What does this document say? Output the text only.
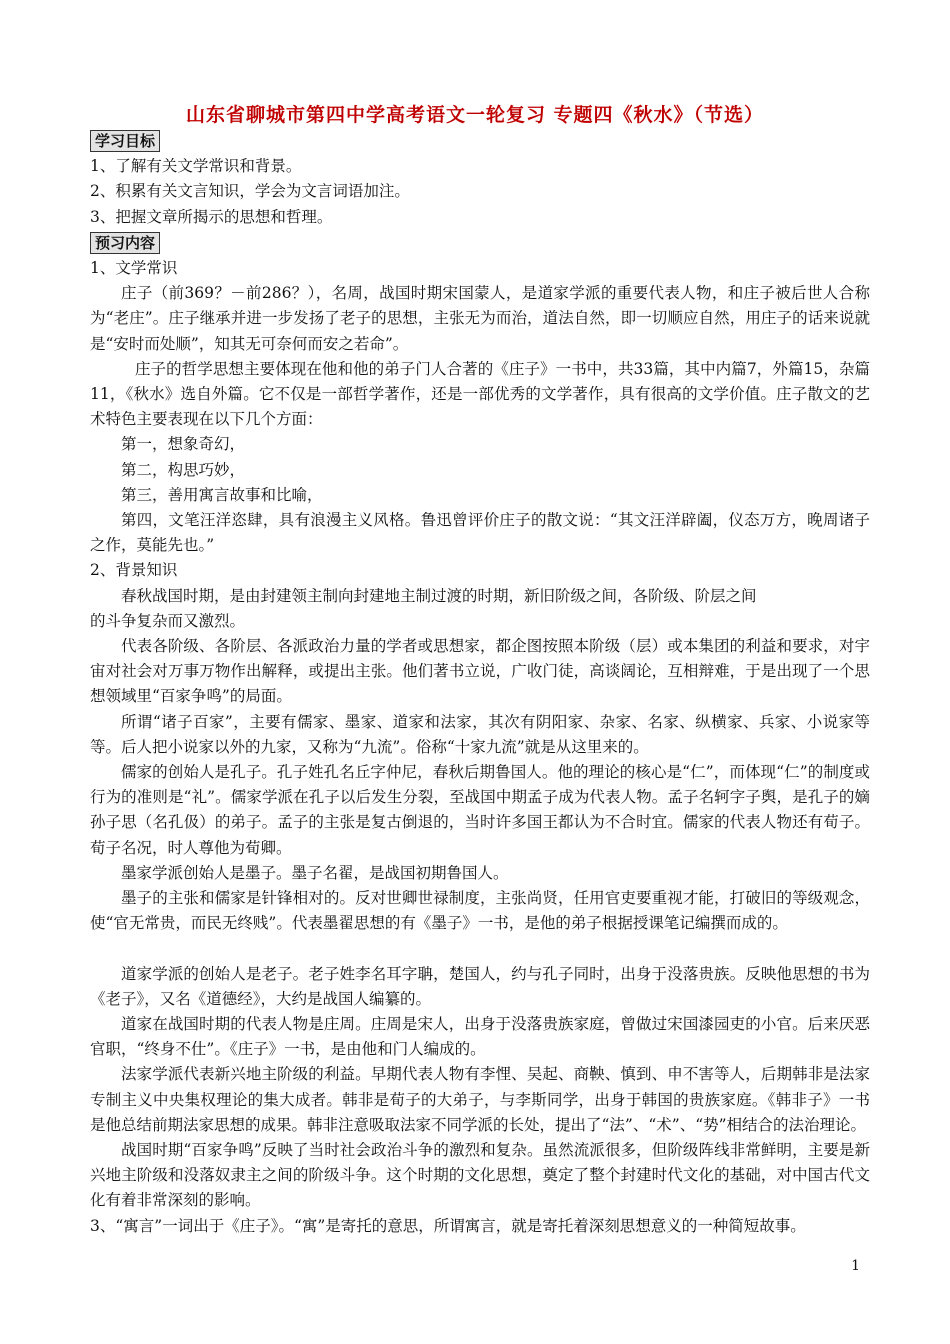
山东省聊城市第四中学高考语文一轮复习 专题四《秋水》（节选）
学习目标

1、了解有关文学常识和背景。

2、积累有关文言知识，学会为文言词语加注。

3、把握文章所揭示的思想和哲理。

预习内容

1、文学常识

庄子（前369？－前286？），名周，战国时期宋国蒙人，是道家学派的重要代表人物，和庄子被后世人合称为“老庄”。庄子继承并进一步发扬了老子的思想，主张无为而治，道法自然，即一切顺应自然，用庄子的话来说就是“安时而处顺”，知其无可奈何而安之若命”。

庄子的哲学思想主要体现在他和他的弟子门人合著的《庄子》一书中，共33篇，其中内篇7，外篇15，杂篇11，《秋水》选自外篇。它不仅是一部哲学著作，还是一部优秀的文学著作，具有很高的文学价值。庄子散文的艺术特色主要表现在以下几个方面：

第一，想象奇幻，

第二，构思巧妙，

第三，善用寓言故事和比喻，

第四，文笔汪洋恣肆，具有浪漫主义风格。鲁迅曾评价庄子的散文说：“其文汪洋辟阖，仪态万方，晚周诸子之作，莫能先也。”

2、背景知识

春秋战国时期，是由封建领主制向封建地主制过渡的时期，新旧阶级之间，各阶级、阶层之间

的斗争复杂而又激烈。

代表各阶级、各阶层、各派政治力量的学者或思想家，都企图按照本阶级（层）或本集团的利益和要求，对宇宙对社会对万事万物作出解释，或提出主张。他们著书立说，广收门徒，高谈阔论，互相辩难，于是出现了一个思想领域里“百家争鸣”的局面。

所谓“诸子百家”，主要有儒家、墨家、道家和法家，其次有阴阳家、杂家、名家、纵横家、兵家、小说家等等。后人把小说家以外的九家，又称为“九流”。俗称“十家九流”就是从这里来的。

儒家的创始人是孔子。孔子姓孔名丘字仲尼，春秋后期鲁国人。他的理论的核心是“仁”，而体现“仁”的制度或行为的准则是“礼”。儒家学派在孔子以后发生分裂，至战国中期孟子成为代表人物。孟子名轲字子舆，是孔子的嫡孙子思（名孔伋）的弟子。孟子的主张是复古倒退的，当时许多国王都认为不合时宜。儒家的代表人物还有荀子。荀子名况，时人尊他为荀卿。

墨家学派创始人是墨子。墨子名翟，是战国初期鲁国人。

墨子的主张和儒家是针锋相对的。反对世卿世禄制度，主张尚贤，任用官吏要重视才能，打破旧的等级观念，使“官无常贵，而民无终贱”。代表墨翟思想的有《墨子》一书，是他的弟子根据授课笔记编撰而成的。

道家学派的创始人是老子。老子姓李名耳字聃，楚国人，约与孔子同时，出身于没落贵族。反映他思想的书为《老子》，又名《道德经》，大约是战国人编纂的。

道家在战国时期的代表人物是庄周。庄周是宋人，出身于没落贵族家庭，曾做过宋国漆园吏的小官。后来厌恶官职，“终身不仕”。《庄子》一书，是由他和门人编成的。

法家学派代表新兴地主阶级的利益。早期代表人物有李悝、吴起、商鞅、慎到、申不害等人，后期韩非是法家专制主义中央集权理论的集大成者。韩非是荀子的大弟子，与李斯同学，出身于韩国的贵族家庭。《韩非子》一书是他总结前期法家思想的成果。韩非注意吸取法家不同学派的长处，提出了“法”、“术”、“势”相结合的法治理论。

战国时期“百家争鸣”反映了当时社会政治斗争的激烈和复杂。虽然流派很多，但阶级阵线非常鲜明，主要是新兴地主阶级和没落奴隶主之间的阶级斗争。这个时期的文化思想，奠定了整个封建时代文化的基础，对中国古代文化有着非常深刻的影响。

3、“寓言”一词出于《庄子》。“寓”是寄托的意思，所谓寓言，就是寄托着深刻思想意义的一种简短故事。

1
